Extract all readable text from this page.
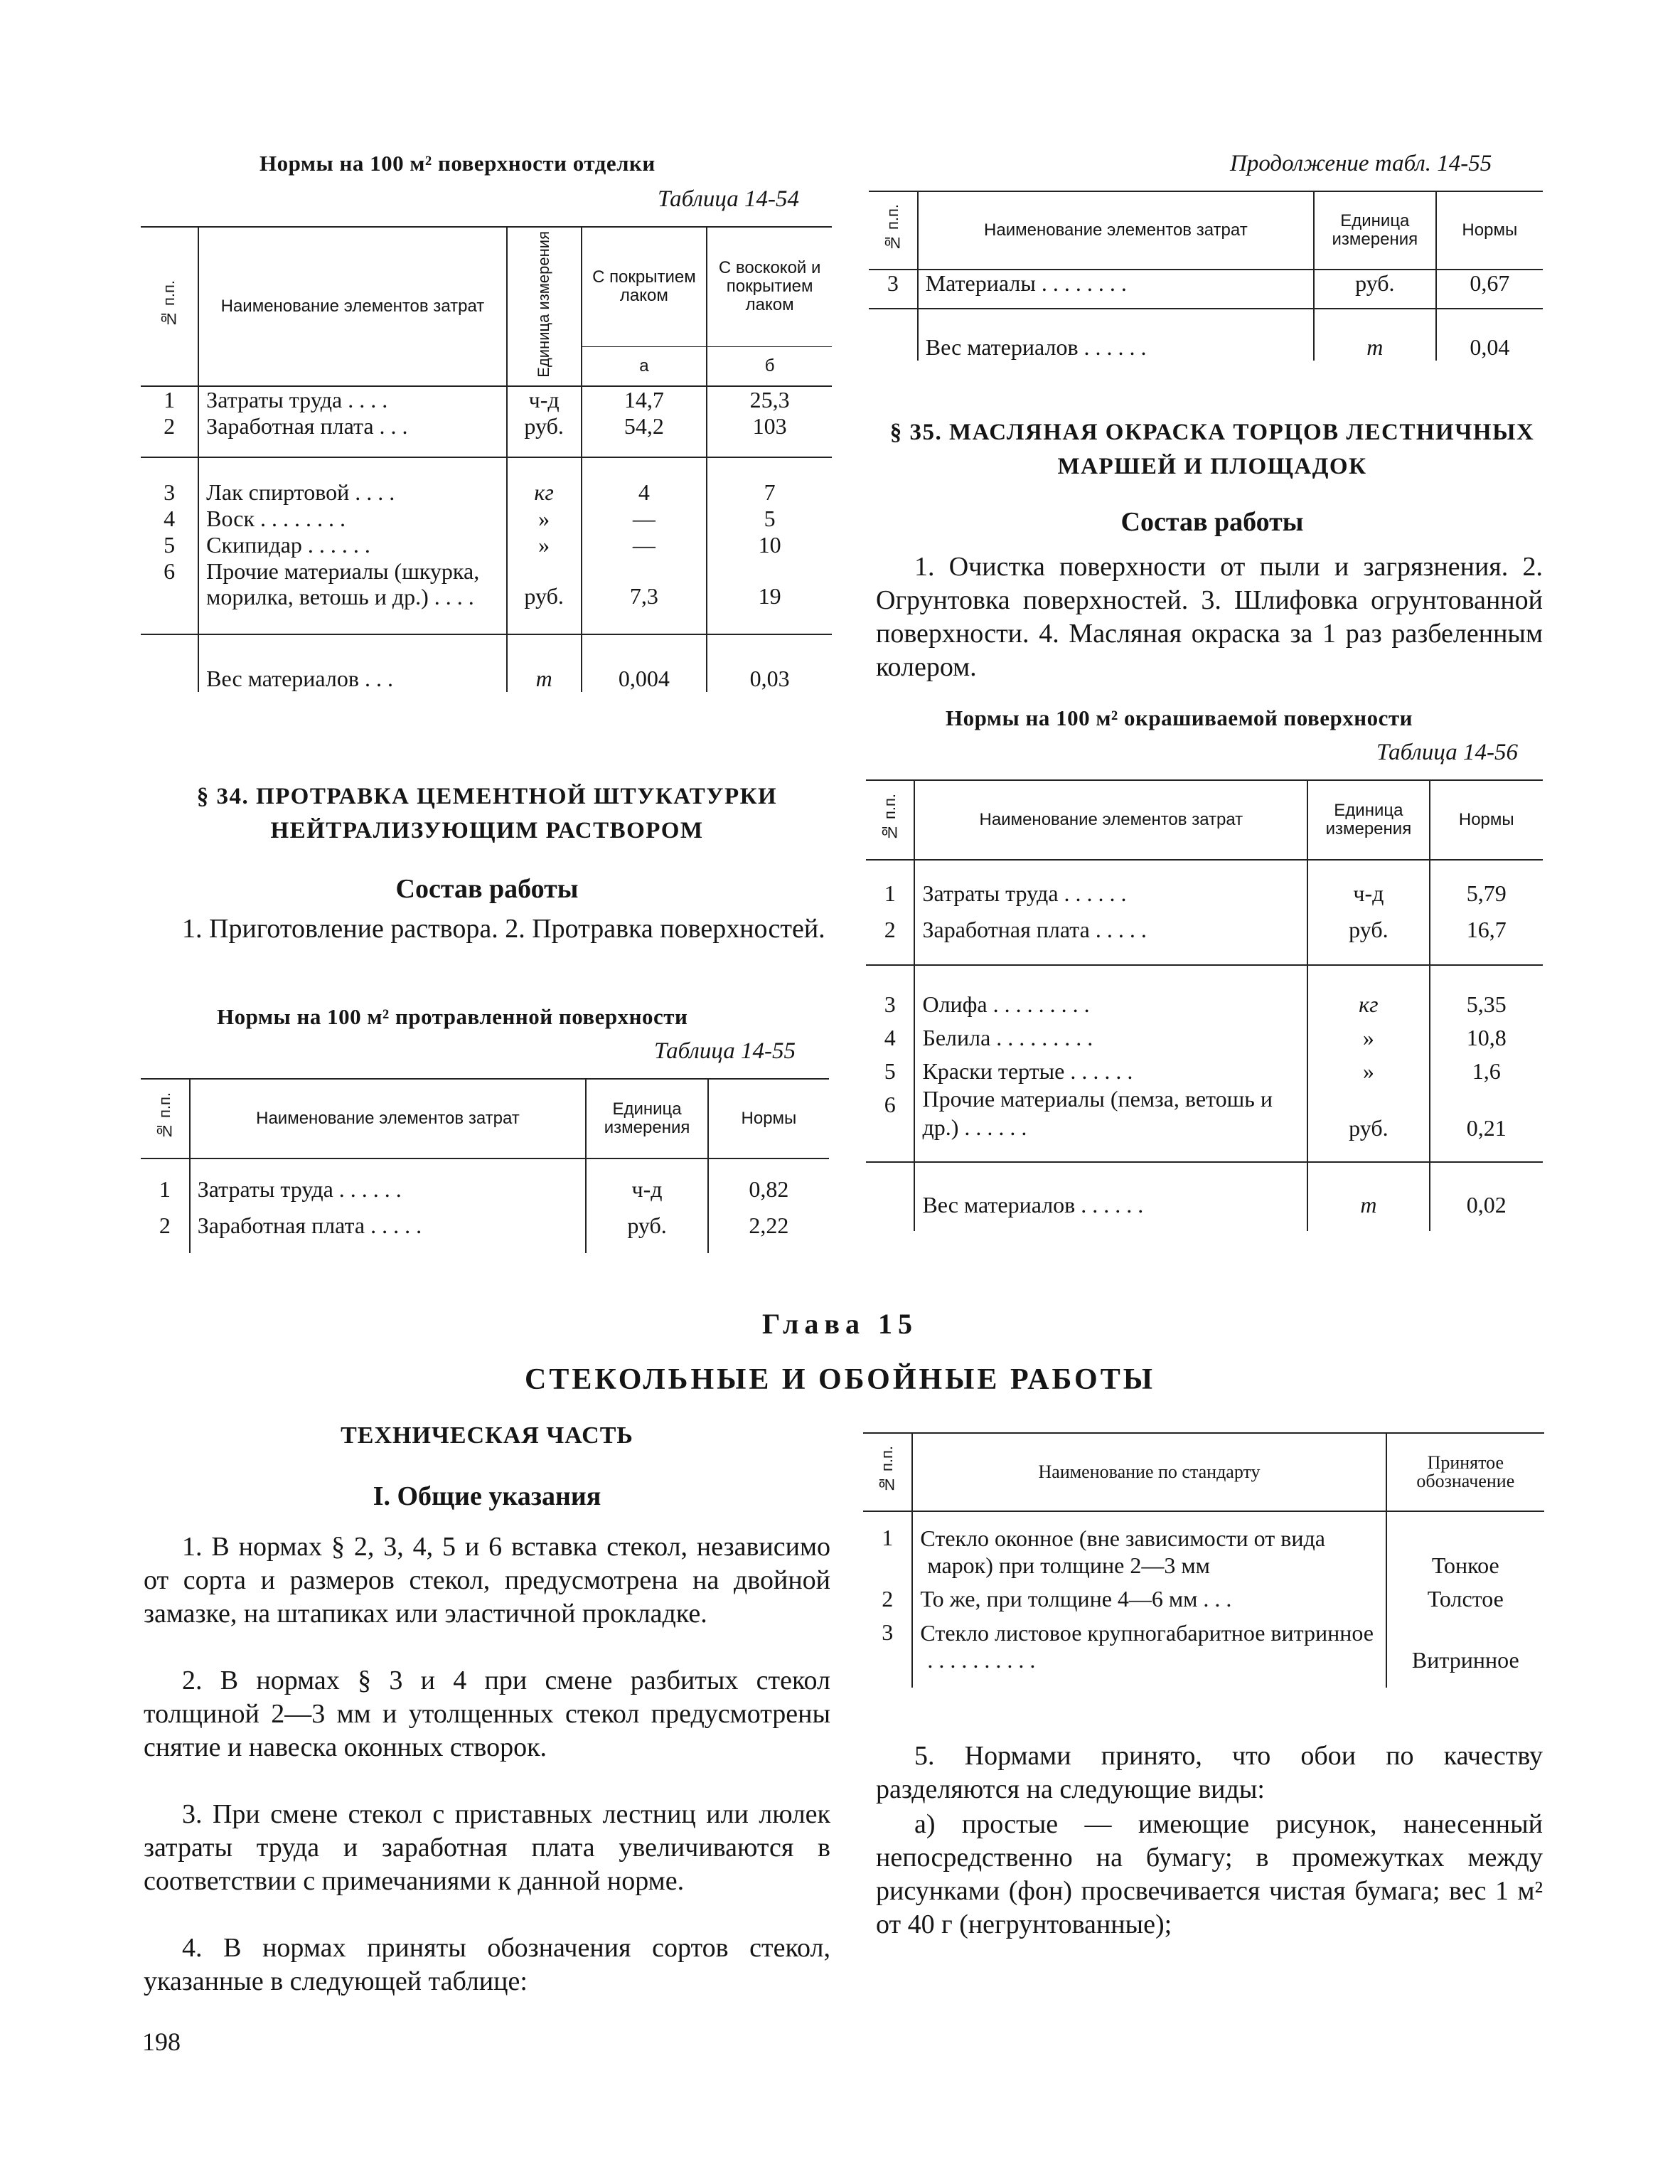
Нормы на 100 м² поверхности отделки
Таблица 14-54
№ п.п.	Наименование элементов затрат	Единица измерения	С покрытием лаком	С воскокой и покрытием лаком
			а	б
1	Затраты труда . . . .	ч-д	14,7	25,3
2	Заработная плата . . .	руб.	54,2	103
3	Лак спиртовой . . . .	кг	4	7
4	Воск . . . . . . . .	»	—	5
5	Скипидар . . . . . .	»	—	10
6	Прочие материалы (шкурка, морилка, ветошь и др.) . . . .	руб.	7,3	19
	Вес материалов . . .	т	0,004	0,03
§ 34. ПРОТРАВКА ЦЕМЕНТНОЙ ШТУКАТУРКИ НЕЙТРАЛИЗУЮЩИМ РАСТВОРОМ
Состав работы
1. Приготовление раствора. 2. Протравка поверхностей.
Нормы на 100 м² протравленной поверхности
Таблица 14-55
№ п.п.	Наименование элементов затрат	Единица измерения	Нормы
1	Затраты труда . . . . . .	ч-д	0,82
2	Заработная плата . . . . .	руб.	2,22
Продолжение табл. 14-55
№ п.п.	Наименование элементов затрат	Единица измерения	Нормы
3	Материалы . . . . . . . .	руб.	0,67
	Вес материалов . . . . . .	т	0,04
§ 35. МАСЛЯНАЯ ОКРАСКА ТОРЦОВ ЛЕСТНИЧНЫХ МАРШЕЙ И ПЛОЩАДОК
Состав работы
1. Очистка поверхности от пыли и загрязнения. 2. Огрунтовка поверхностей. 3. Шлифовка огрунтованной поверхности. 4. Масляная окраска за 1 раз разбеленным колером.
Нормы на 100 м² окрашиваемой поверхности
Таблица 14-56
№ п.п.	Наименование элементов затрат	Единица измерения	Нормы
1	Затраты труда . . . . . .	ч-д	5,79
2	Заработная плата . . . . .	руб.	16,7
3	Олифа . . . . . . . . .	кг	5,35
4	Белила . . . . . . . . .	»	10,8
5	Краски тертые . . . . . .	»	1,6
6	Прочие материалы (пемза, ветошь и др.) . . . . . .	руб.	0,21
	Вес материалов . . . . . .	т	0,02
Глава 15
СТЕКОЛЬНЫЕ И ОБОЙНЫЕ РАБОТЫ
ТЕХНИЧЕСКАЯ ЧАСТЬ
I. Общие указания
1. В нормах § 2, 3, 4, 5 и 6 вставка стекол, независимо от сорта и размеров стекол, предусмотрена на двойной замазке, на штапиках или эластичной прокладке.
2. В нормах § 3 и 4 при смене разбитых стекол толщиной 2—3 мм и утолщенных стекол предусмотрены снятие и навеска оконных створок.
3. При смене стекол с приставных лестниц или люлек затраты труда и заработная плата увеличиваются в соответствии с примечаниями к данной норме.
4. В нормах приняты обозначения сортов стекол, указанные в следующей таблице:
198
№ п.п.	Наименование по стандарту	Принятое обозначение
1	Стекло оконное (вне зависимости от вида марок) при толщине 2—3 мм	Тонкое
2	То же, при толщине 4—6 мм . . .	Толстое
3	Стекло листовое крупногабаритное витринное . . . . . . . . . .	Витринное
5. Нормами принято, что обои по качеству разделяются на следующие виды:
а) простые — имеющие рисунок, нанесенный непосредственно на бумагу; в промежутках между рисунками (фон) просвечивается чистая бумага; вес 1 м² от 40 г (негрунтованные);
